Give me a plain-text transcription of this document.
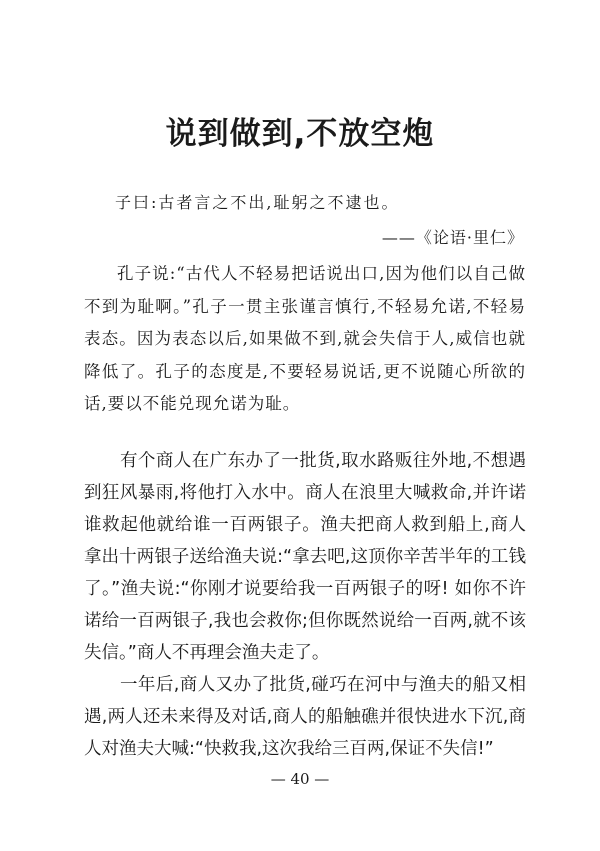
说到做到,不放空炮

子曰:古者言之不出,耻躬之不逮也。

——《论语·里仁》

孔子说:“古代人不轻易把话说出口,因为他们以自己做不到为耻啊。”孔子一贯主张谨言慎行,不轻易允诺,不轻易表态。因为表态以后,如果做不到,就会失信于人,威信也就降低了。孔子的态度是,不要轻易说话,更不说随心所欲的话,要以不能兑现允诺为耻。

有个商人在广东办了一批货,取水路贩往外地,不想遇到狂风暴雨,将他打入水中。商人在浪里大喊救命,并许诺谁救起他就给谁一百两银子。渔夫把商人救到船上,商人拿出十两银子送给渔夫说:“拿去吧,这顶你辛苦半年的工钱了。”渔夫说:“你刚才说要给我一百两银子的呀! 如你不许诺给一百两银子,我也会救你;但你既然说给一百两,就不该失信。”商人不再理会渔夫走了。

一年后,商人又办了批货,碰巧在河中与渔夫的船又相遇,两人还未来得及对话,商人的船触礁并很快进水下沉,商人对渔夫大喊:“快救我,这次我给三百两,保证不失信!”

— 40 —
